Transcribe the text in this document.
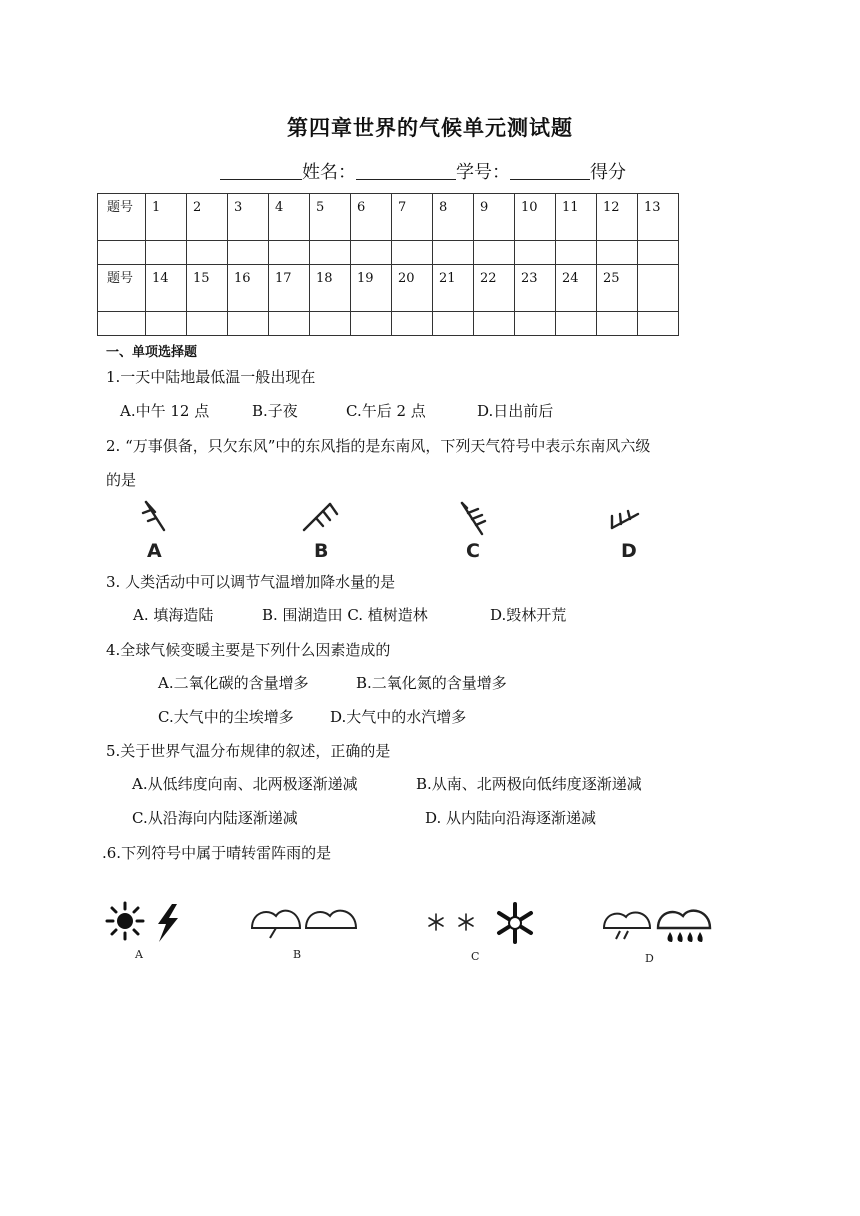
第四章世界的气候单元测试题
姓名：	学号：	得分
题号	1	2	3	4	5	6	7	8	9	10	11	12	13

题号	14	15	16	17	18	19	20	21	22	23	24	25	

一、单项选择题
1.一天中陆地最低温一般出现在
A.中午 12 点	B.子夜	C.午后 2 点	D.日出前后
2. “万事俱备，只欠东风”中的东风指的是东南风，下列天气符号中表示东南风六级
的是
A	B	C	D
A	B	C	D
3. 人类活动中可以调节气温增加降水量的是
A. 填海造陆	B. 围湖造田 C. 植树造林	D.毁林开荒
4.全球气候变暖主要是下列什么因素造成的
A.二氧化碳的含量增多	B.二氧化氮的含量增多
C.大气中的尘埃增多 D.大气中的水汽增多
5.关于世界气温分布规律的叙述，正确的是
A.从低纬度向南、北两极逐渐递减	B.从南、北两极向低纬度逐渐递减
C.从沿海向内陆逐渐递减	D. 从内陆向沿海逐渐递减
.6.下列符号中属于晴转雷阵雨的是
